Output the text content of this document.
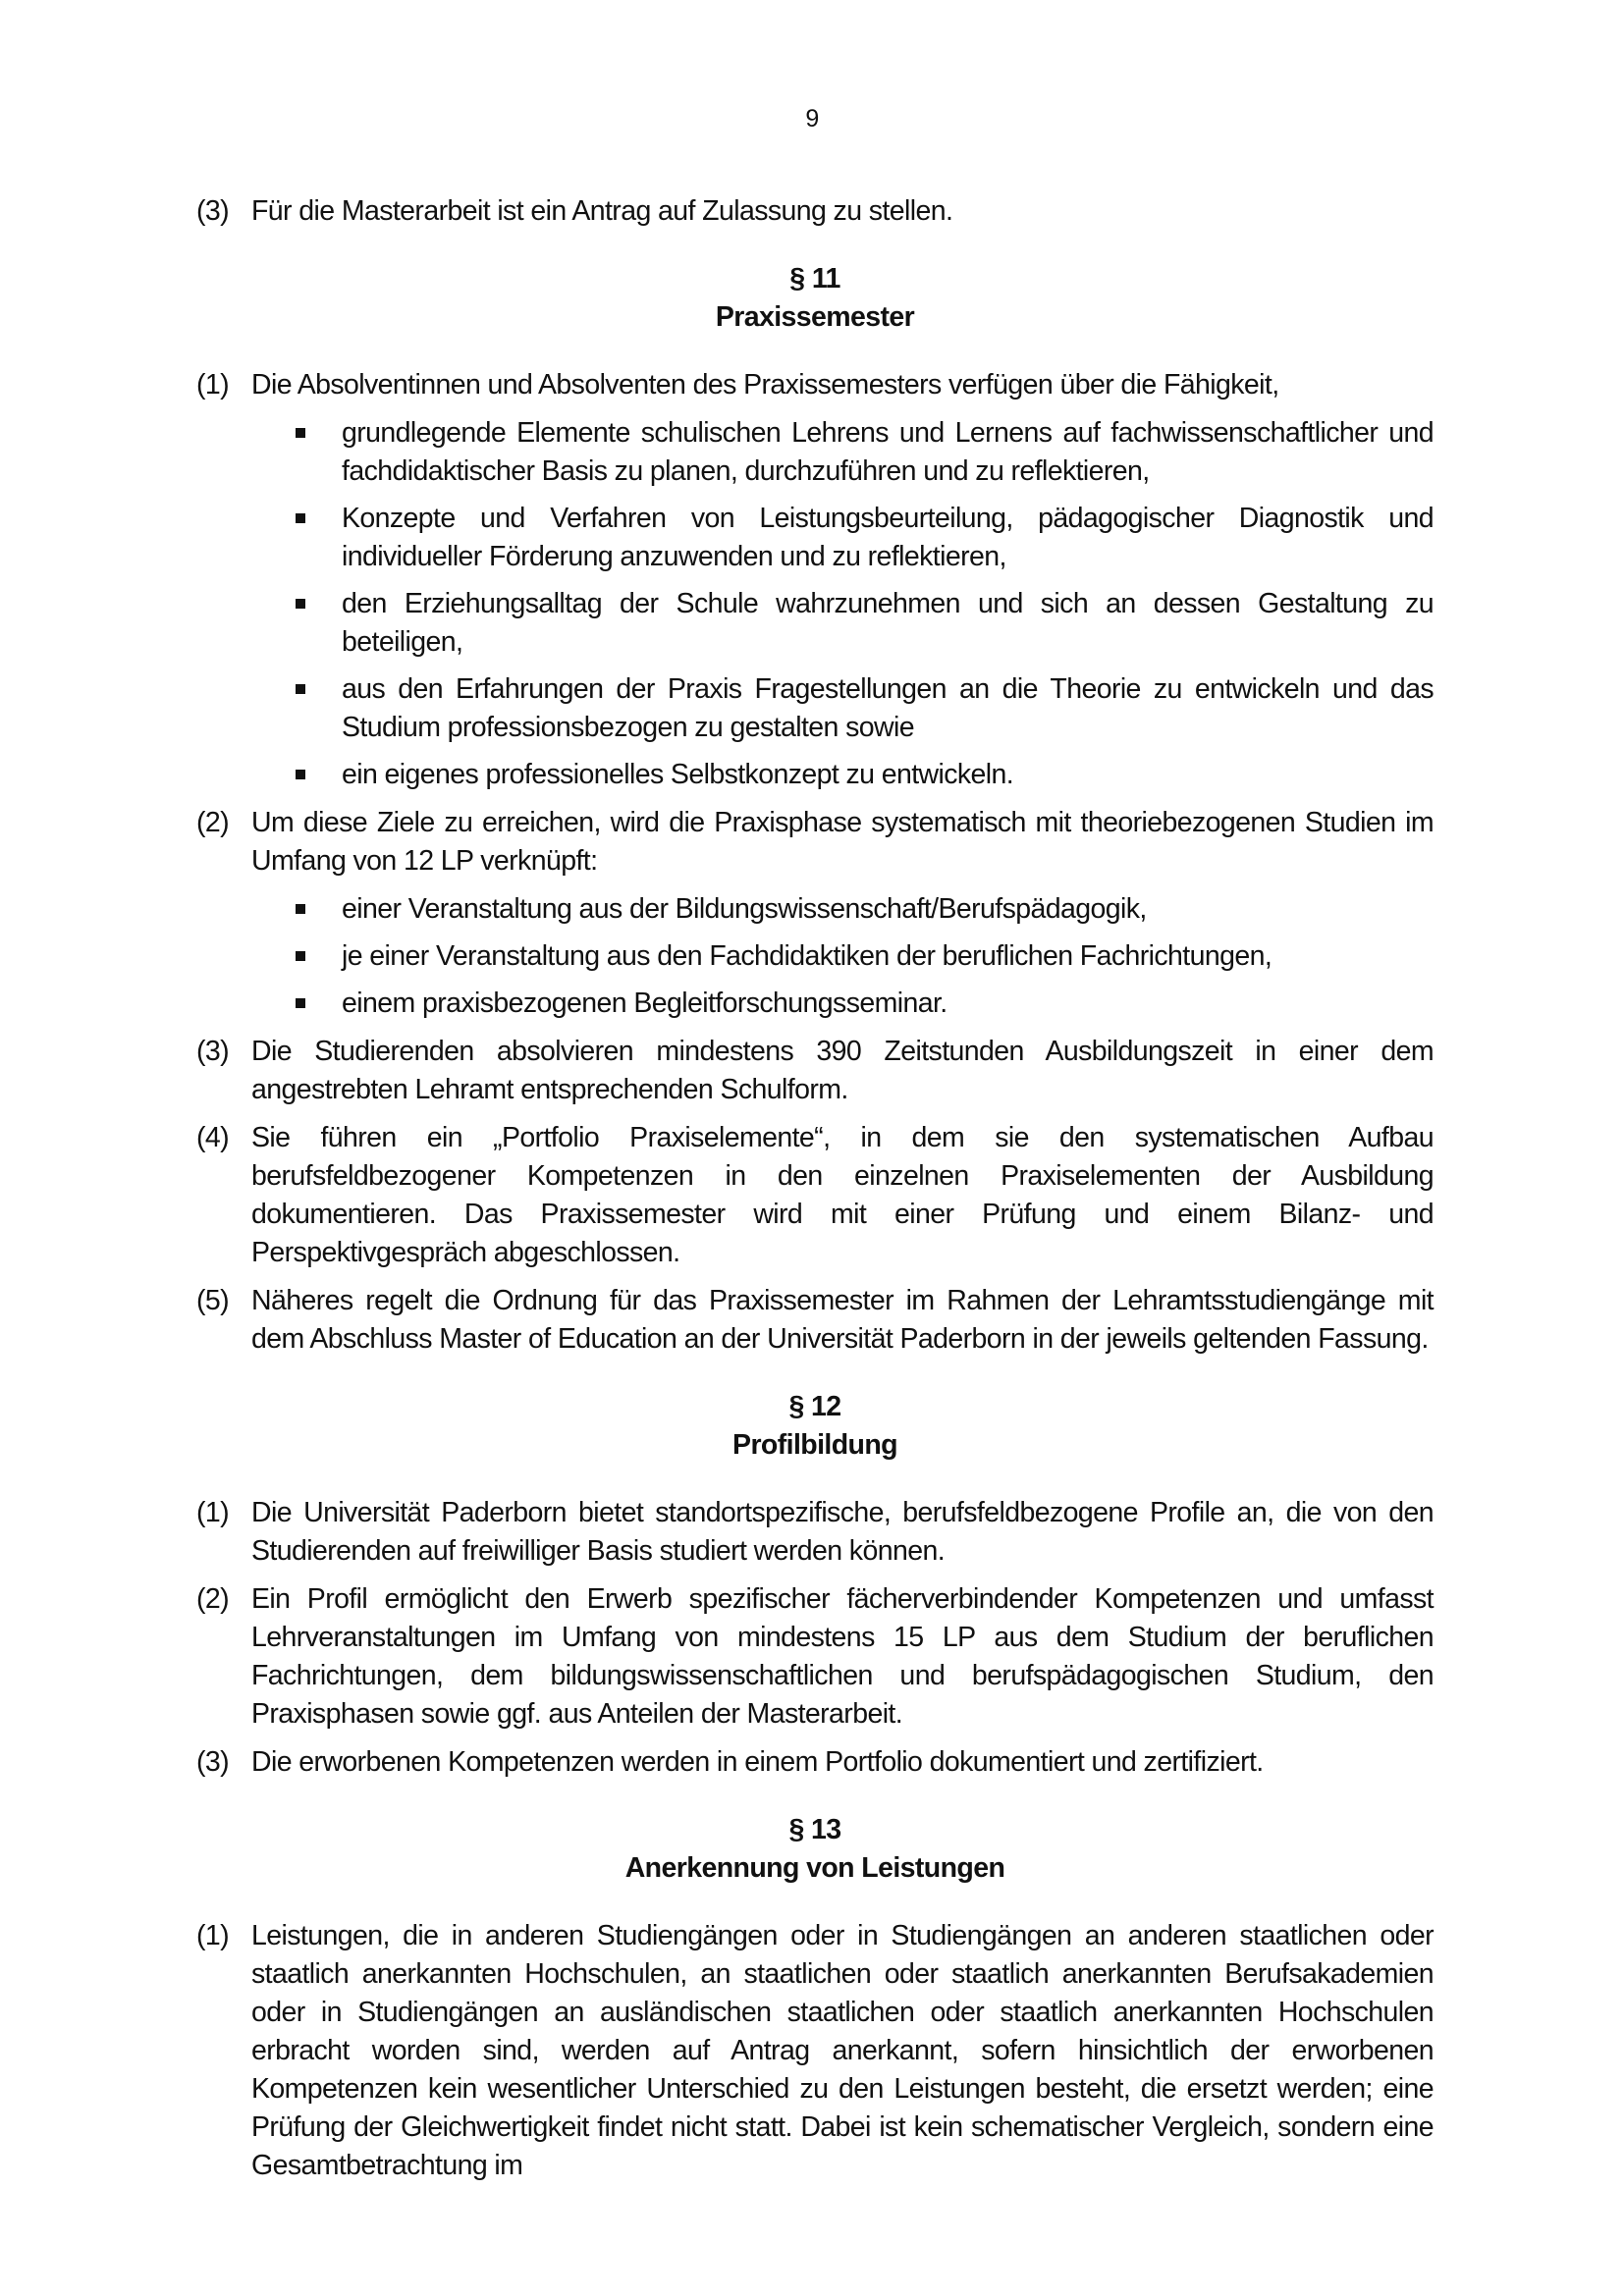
9
(3) Für die Masterarbeit ist ein Antrag auf Zulassung zu stellen.
§ 11
Praxissemester
(1) Die Absolventinnen und Absolventen des Praxissemesters verfügen über die Fähigkeit,
grundlegende Elemente schulischen Lehrens und Lernens auf fachwissenschaftlicher und fachdidaktischer Basis zu planen, durchzuführen und zu reflektieren,
Konzepte und Verfahren von Leistungsbeurteilung, pädagogischer Diagnostik und individueller Förderung anzuwenden und zu reflektieren,
den Erziehungsalltag der Schule wahrzunehmen und sich an dessen Gestaltung zu beteiligen,
aus den Erfahrungen der Praxis Fragestellungen an die Theorie zu entwickeln und das Studium professionsbezogen zu gestalten sowie
ein eigenes professionelles Selbstkonzept zu entwickeln.
(2) Um diese Ziele zu erreichen, wird die Praxisphase systematisch mit theoriebezogenen Studien im Umfang von 12 LP verknüpft:
einer Veranstaltung aus der Bildungswissenschaft/Berufspädagogik,
je einer Veranstaltung aus den Fachdidaktiken der beruflichen Fachrichtungen,
einem praxisbezogenen Begleitforschungsseminar.
(3) Die Studierenden absolvieren mindestens 390 Zeitstunden Ausbildungszeit in einer dem angestrebten Lehramt entsprechenden Schulform.
(4) Sie führen ein „Portfolio Praxiselemente“, in dem sie den systematischen Aufbau berufsfeldbezogener Kompetenzen in den einzelnen Praxiselementen der Ausbildung dokumentieren. Das Praxissemester wird mit einer Prüfung und einem Bilanz- und Perspektivgespräch abgeschlossen.
(5) Näheres regelt die Ordnung für das Praxissemester im Rahmen der Lehramtsstudiengänge mit dem Abschluss Master of Education an der Universität Paderborn in der jeweils geltenden Fassung.
§ 12
Profilbildung
(1) Die Universität Paderborn bietet standortspezifische, berufsfeldbezogene Profile an, die von den Studierenden auf freiwilliger Basis studiert werden können.
(2) Ein Profil ermöglicht den Erwerb spezifischer fächerverbindender Kompetenzen und umfasst Lehrveranstaltungen im Umfang von mindestens 15 LP aus dem Studium der beruflichen Fachrichtungen, dem bildungswissenschaftlichen und berufspädagogischen Studium, den Praxisphasen sowie ggf. aus Anteilen der Masterarbeit.
(3) Die erworbenen Kompetenzen werden in einem Portfolio dokumentiert und zertifiziert.
§ 13
Anerkennung von Leistungen
(1) Leistungen, die in anderen Studiengängen oder in Studiengängen an anderen staatlichen oder staatlich anerkannten Hochschulen, an staatlichen oder staatlich anerkannten Berufsakademien oder in Studiengängen an ausländischen staatlichen oder staatlich anerkannten Hochschulen erbracht worden sind, werden auf Antrag anerkannt, sofern hinsichtlich der erworbenen Kompetenzen kein wesentlicher Unterschied zu den Leistungen besteht, die ersetzt werden; eine Prüfung der Gleichwertigkeit findet nicht statt. Dabei ist kein schematischer Vergleich, sondern eine Gesamtbetrachtung im
